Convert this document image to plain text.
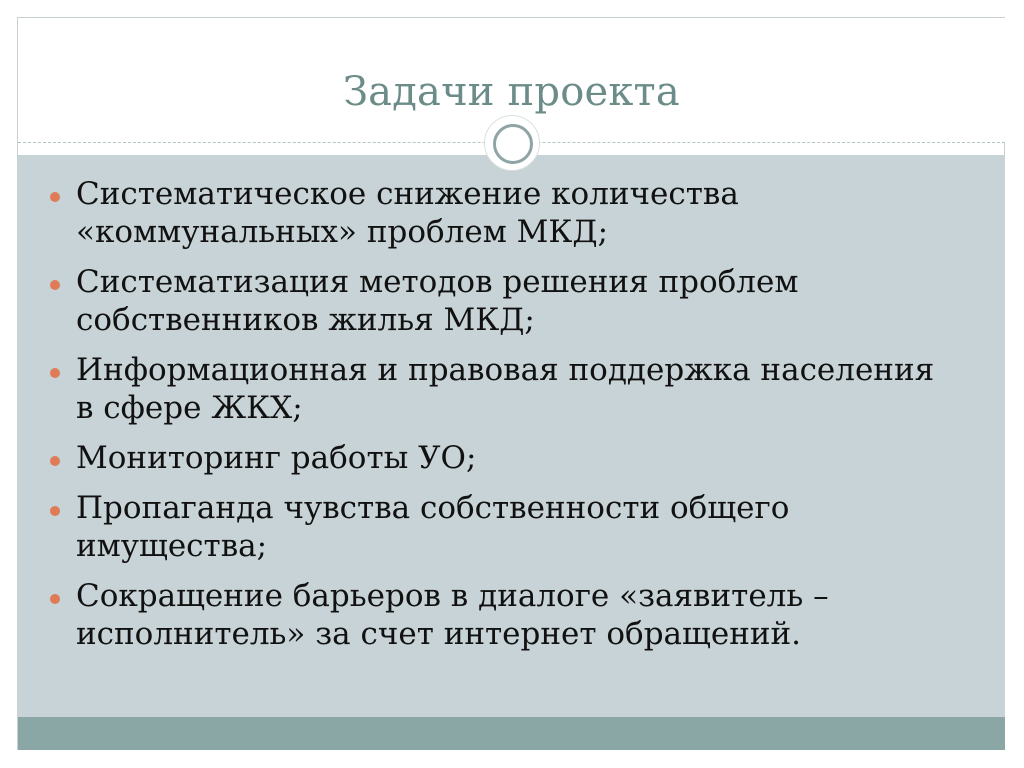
Задачи проекта
Систематическое снижение количества «коммунальных» проблем МКД;
Систематизация методов решения проблем собственников жилья МКД;
Информационная и правовая поддержка населения в сфере ЖКХ;
Мониторинг работы УО;
Пропаганда чувства собственности общего имущества;
Сокращение барьеров в диалоге «заявитель – исполнитель» за счет интернет обращений.
